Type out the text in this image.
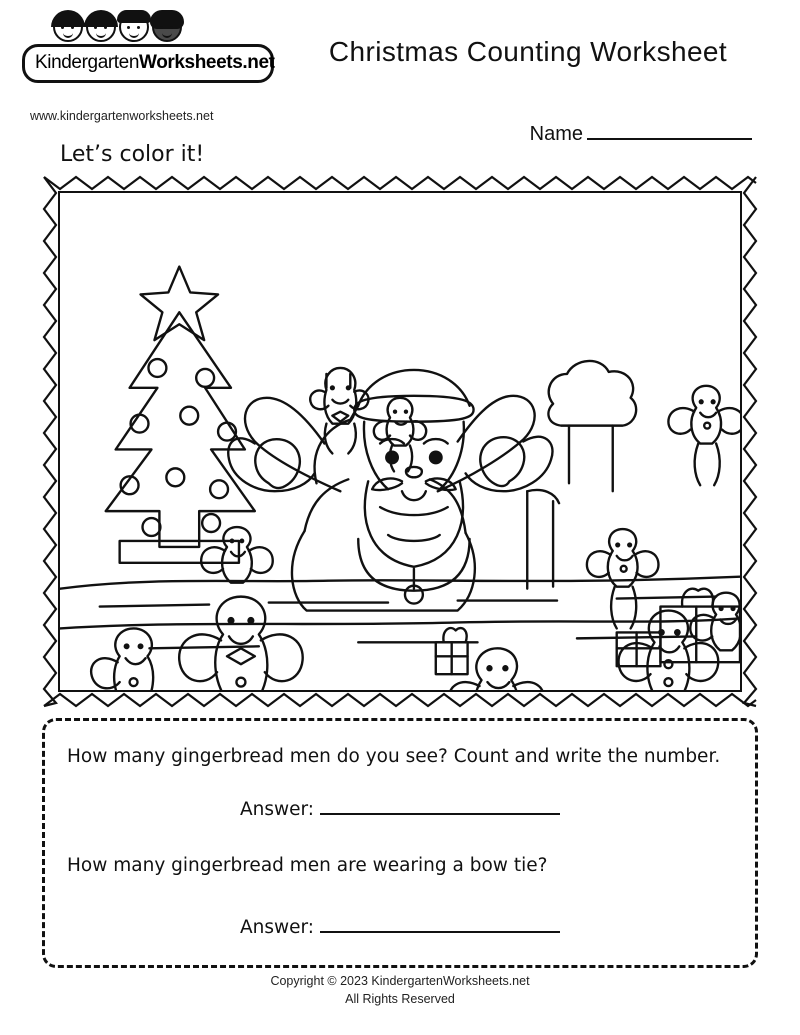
KindergartenWorksheets.net
www.kindergartenworksheets.net
Christmas Counting Worksheet
Name
Let’s color it!
How many gingerbread men do you see? Count and write the number.
Answer:
How many gingerbread men are wearing a bow tie?
Answer:
Copyright © 2023 KindergartenWorksheets.net
All Rights Reserved
